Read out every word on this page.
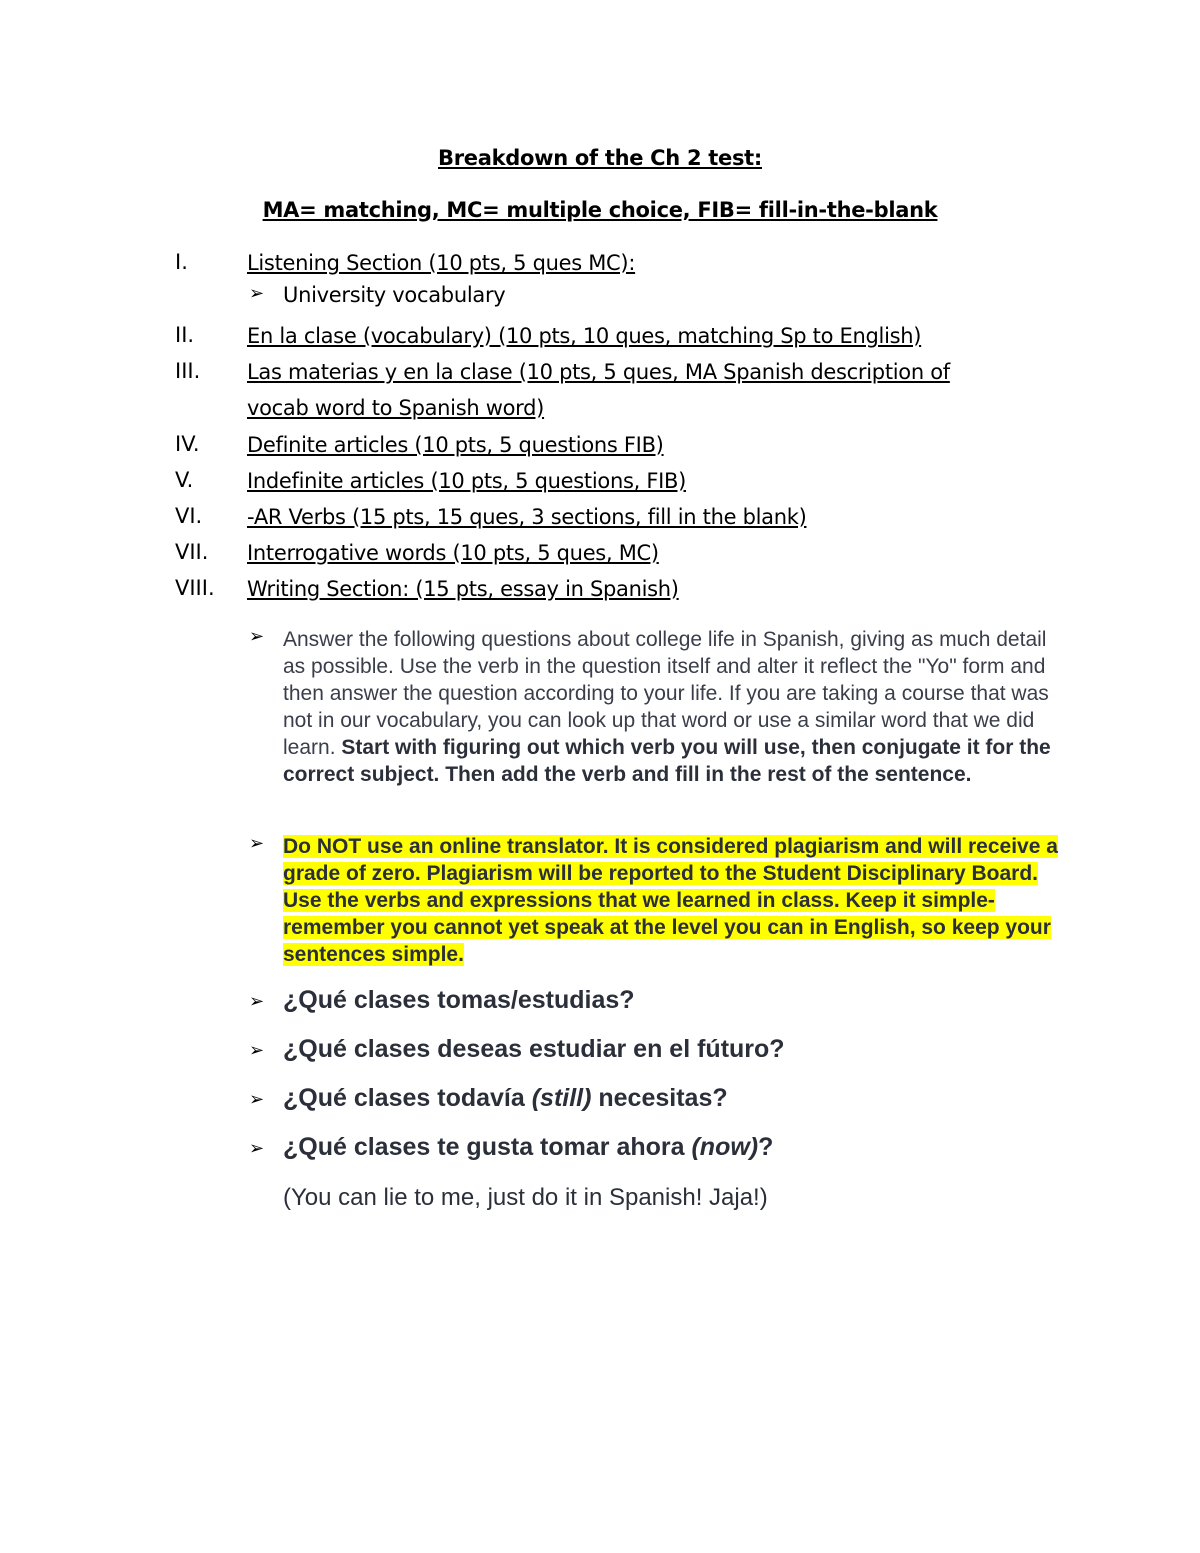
Breakdown of the Ch 2 test:
MA= matching, MC= multiple choice, FIB= fill-in-the-blank
I.	Listening Section (10 pts, 5 ques MC):
➢ University vocabulary
II.	En la clase (vocabulary) (10 pts, 10 ques, matching Sp to English)
III.	Las materias y en la clase (10 pts, 5 ques, MA Spanish description of vocab word to Spanish word)
IV.	Definite articles (10 pts, 5 questions FIB)
V.	Indefinite articles (10 pts, 5 questions, FIB)
VI.	-AR Verbs (15 pts, 15 ques, 3 sections, fill in the blank)
VII.	Interrogative words (10 pts, 5 ques, MC)
VIII.	Writing Section: (15 pts, essay in Spanish)
➢ Answer the following questions about college life in Spanish, giving as much detail as possible. Use the verb in the question itself and alter it reflect the "Yo" form and then answer the question according to your life. If you are taking a course that was not in our vocabulary, you can look up that word or use a similar word that we did learn. Start with figuring out which verb you will use, then conjugate it for the correct subject. Then add the verb and fill in the rest of the sentence.
➢ Do NOT use an online translator. It is considered plagiarism and will receive a grade of zero. Plagiarism will be reported to the Student Disciplinary Board. Use the verbs and expressions that we learned in class. Keep it simple- remember you cannot yet speak at the level you can in English, so keep your sentences simple.
➢ ¿Qué clases tomas/estudias?
➢ ¿Qué clases deseas estudiar en el fúturo?
➢ ¿Qué clases todavía (still) necesitas?
➢ ¿Qué clases te gusta tomar ahora (now)?
(You can lie to me, just do it in Spanish! Jaja!)
